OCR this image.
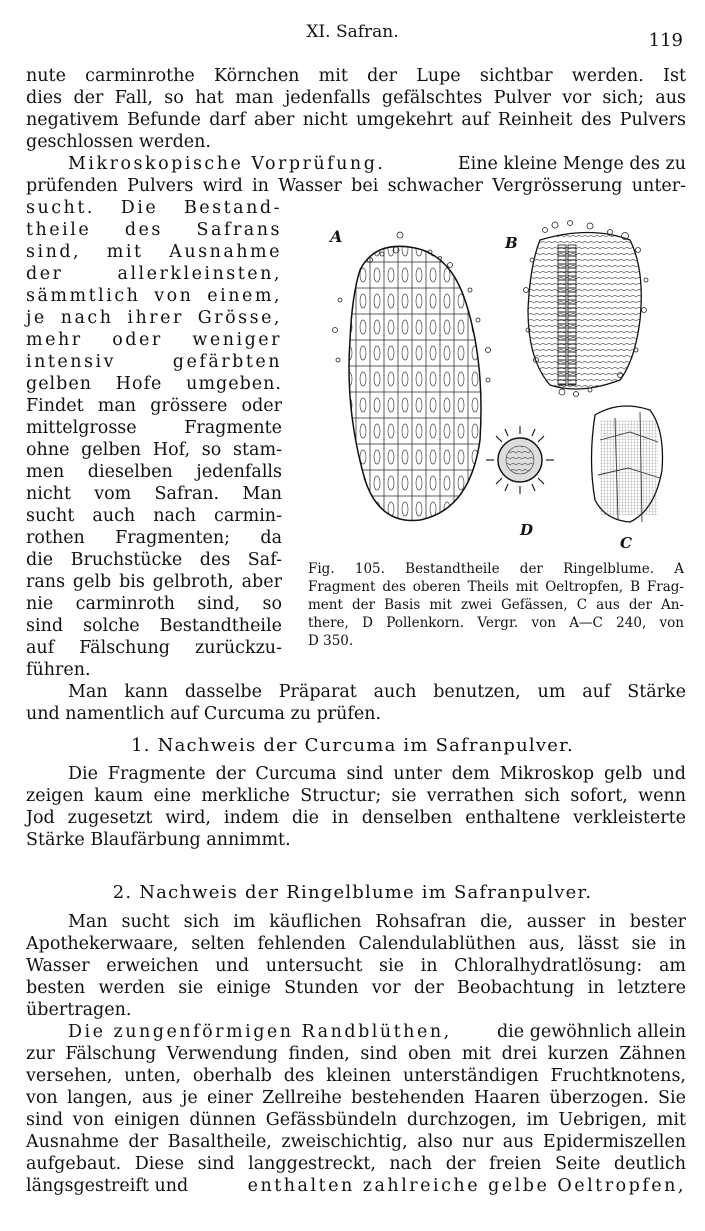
XI. Safran.	119
nute carminrothe Körnchen mit der Lupe sichtbar werden. Ist
dies der Fall, so hat man jedenfalls gefälschtes Pulver vor sich; aus
negativem Befunde darf aber nicht umgekehrt auf Reinheit des Pulvers
geschlossen werden.
Mikroskopische Vorprüfung.	Eine kleine Menge des zu
prüfenden Pulvers wird in Wasser bei schwacher Vergrösserung unter-
sucht. Die Bestand-
theile des Safrans
sind, mit Ausnahme
der allerkleinsten,
sämmtlich von einem,
je nach ihrer Grösse,
mehr oder weniger
intensiv gefärbten
gelben Hofe umgeben.
Findet man grössere oder
mittelgrosse Fragmente
ohne gelben Hof, so stam-
men dieselben jedenfalls
nicht vom Safran. Man
sucht auch nach carmin-
rothen Fragmenten; da
die Bruchstücke des Saf-
rans gelb bis gelbroth, aber
nie carminroth sind, so
sind solche Bestandtheile
auf Fälschung zurückzu-
führen.
Man kann dasselbe Präparat auch benutzen, um auf Stärke
und namentlich auf Curcuma zu prüfen.
A	B
D
C
Fig. 105. Bestandtheile der Ringelblume. A
Fragment des oberen Theils mit Oeltropfen, B Frag-
ment der Basis mit zwei Gefässen, C aus der An-
there, D Pollenkorn. Vergr. von A—C 240, von
D 350.
1. Nachweis der Curcuma im Safranpulver.
Die Fragmente der Curcuma sind unter dem Mikroskop gelb und
zeigen kaum eine merkliche Structur; sie verrathen sich sofort, wenn
Jod zugesetzt wird, indem die in denselben enthaltene verkleisterte
Stärke Blaufärbung annimmt.
2. Nachweis der Ringelblume im Safranpulver.
Man sucht sich im käuflichen Rohsafran die, ausser in bester
Apothekerwaare, selten fehlenden Calendulablüthen aus, lässt sie in
Wasser erweichen und untersucht sie in Chloralhydratlösung: am
besten werden sie einige Stunden vor der Beobachtung in letztere
übertragen.
Die zungenförmigen Randblüthen,	die gewöhnlich allein
zur Fälschung Verwendung finden, sind oben mit drei kurzen Zähnen
versehen, unten, oberhalb des kleinen unterständigen Fruchtknotens,
von langen, aus je einer Zellreihe bestehenden Haaren überzogen. Sie
sind von einigen dünnen Gefässbündeln durchzogen, im Uebrigen, mit
Ausnahme der Basaltheile, zweischichtig, also nur aus Epidermiszellen
aufgebaut. Diese sind langgestreckt, nach der freien Seite deutlich
längsgestreift und	enthalten zahlreiche gelbe Oeltropfen,
